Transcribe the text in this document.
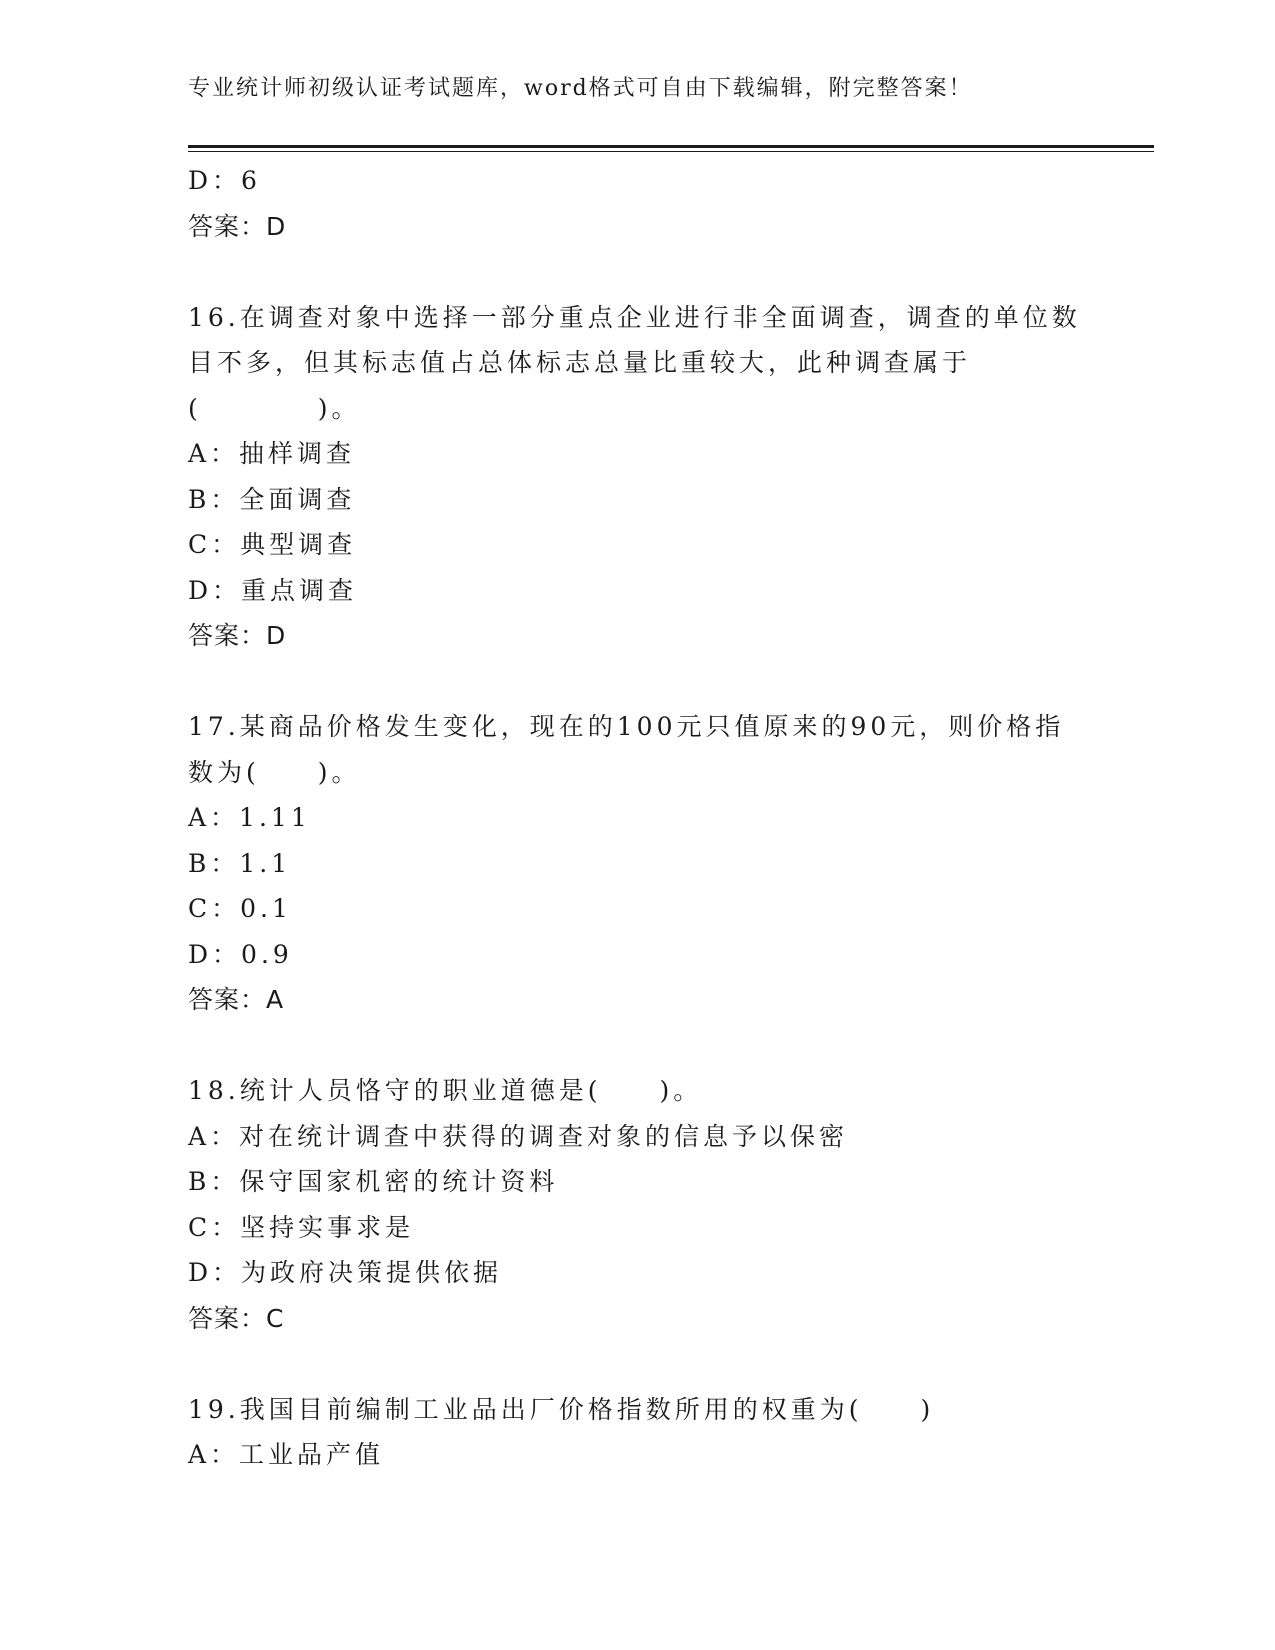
专业统计师初级认证考试题库，word格式可自由下载编辑，附完整答案！
D：6
答案：D
16.在调查对象中选择一部分重点企业进行非全面调查，调查的单位数
目不多，但其标志值占总体标志总量比重较大，此种调查属于
(　　　　)。
A：抽样调查
B：全面调查
C：典型调查
D：重点调查
答案：D
17.某商品价格发生变化，现在的100元只值原来的90元，则价格指
数为(　　)。
A：1.11
B：1.1
C：0.1
D：0.9
答案：A
18.统计人员恪守的职业道德是(　　)。
A：对在统计调查中获得的调查对象的信息予以保密
B：保守国家机密的统计资料
C：坚持实事求是
D：为政府决策提供依据
答案：C
19.我国目前编制工业品出厂价格指数所用的权重为(　　)
A：工业品产值
